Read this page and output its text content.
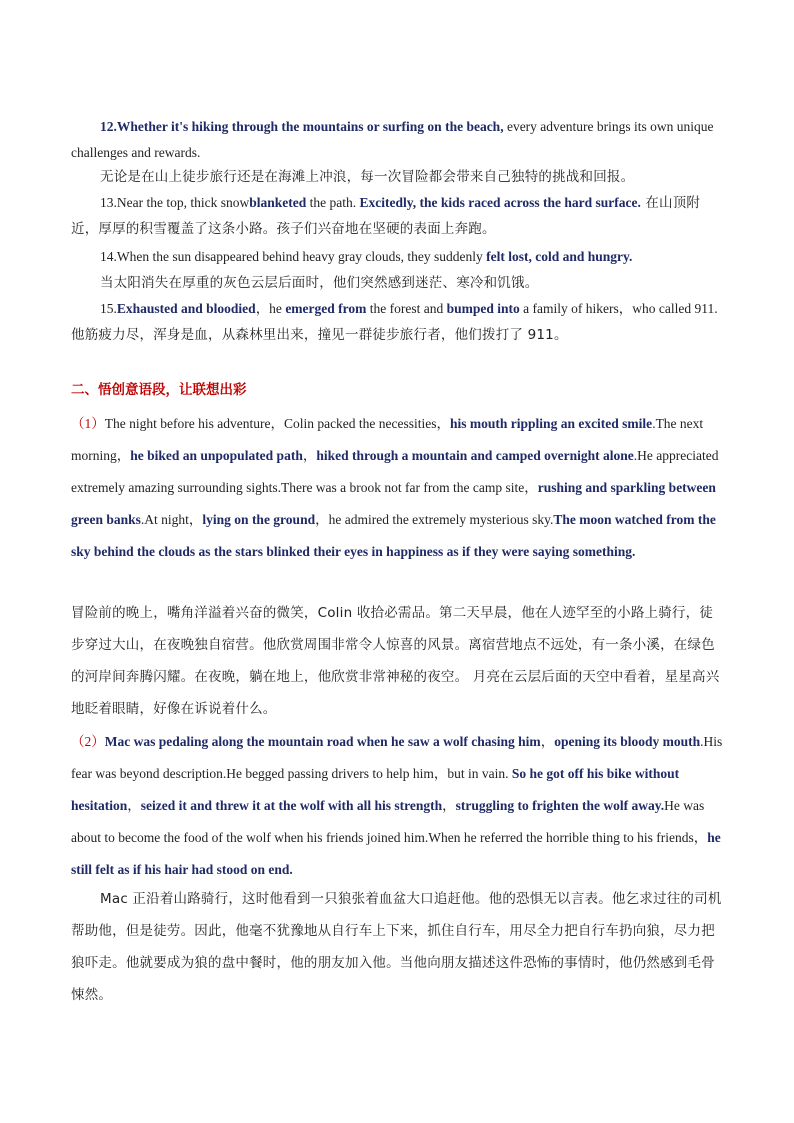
12.Whether it's hiking through the mountains or surfing on the beach, every adventure brings its own unique challenges and rewards.

无论是在山上徒步旅行还是在海滩上冲浪，每一次冒险都会带来自己独特的挑战和回报。

13.Near the top, thick snowblanketed the path. Excitedly, the kids raced across the hard surface. 在山顶附近，厚厚的积雪覆盖了这条小路。孩子们兴奋地在坚硬的表面上奔跑。

14.When the sun disappeared behind heavy gray clouds, they suddenly felt lost, cold and hungry.

当太阳消失在厚重的灰色云层后面时，他们突然感到迷茫、寒冷和饥饿。

15.Exhausted and bloodied，he emerged from the forest and bumped into a family of hikers，who called 911.他筋疲力尽，浑身是血，从森林里出来，撞见一群徒步旅行者，他们拨打了 911。

二、悟创意语段，让联想出彩

（1）The night before his adventure，Colin packed the necessities，his mouth rippling an excited smile.The next morning，he biked an unpopulated path，hiked through a mountain and camped overnight alone.He appreciated extremely amazing surrounding sights.There was a brook not far from the camp site，rushing and sparkling between green banks.At night，lying on the ground，he admired the extremely mysterious sky.The moon watched from the sky behind the clouds as the stars blinked their eyes in happiness as if they were saying something.

冒险前的晚上，嘴角洋溢着兴奋的微笑，Colin 收拾必需品。第二天早晨，他在人迹罕至的小路上骑行，徒步穿过大山，在夜晚独自宿营。他欣赏周围非常令人惊喜的风景。离宿营地点不远处，有一条小溪，在绿色的河岸间奔腾闪耀。在夜晚，躺在地上，他欣赏非常神秘的夜空。 月亮在云层后面的天空中看着，星星高兴地眨着眼睛，好像在诉说着什么。

（2）Mac was pedaling along the mountain road when he saw a wolf chasing him，opening its bloody mouth.His fear was beyond description.He begged passing drivers to help him，but in vain. So he got off his bike without hesitation，seized it and threw it at the wolf with all his strength，struggling to frighten the wolf away.He was about to become the food of the wolf when his friends joined him.When he referred the horrible thing to his friends，he still felt as if his hair had stood on end.

Mac 正沿着山路骑行，这时他看到一只狼张着血盆大口追赶他。他的恐惧无以言表。他乞求过往的司机帮助他，但是徒劳。因此，他毫不犹豫地从自行车上下来，抓住自行车，用尽全力把自行车扔向狼，尽力把狼吓走。他就要成为狼的盘中餐时，他的朋友加入他。当他向朋友描述这件恐怖的事情时，他仍然感到毛骨悚然。
